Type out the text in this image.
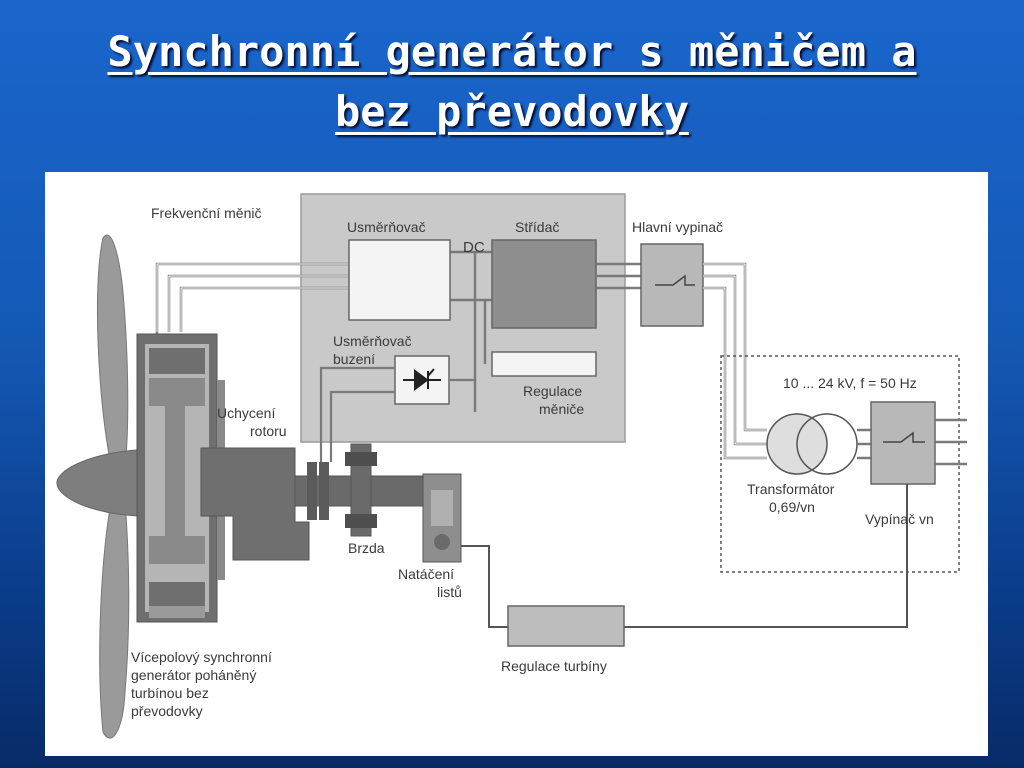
Synchronní generátor s měničem a
bez převodovky
Frekvenční měnič
Usměrňovač
DC
Střídač	Hlavní vypinač
Usměrňovač
buzení
Regulace
měniče
Uchycení
rotoru
10 ... 24 kV, f = 50 Hz
Transformátor
0,69/vn
Vypínač vn
Brzda
Natáčení
listů
Regulace turbíny
Vícepolový synchronní
generátor poháněný
turbínou bez
převodovky
